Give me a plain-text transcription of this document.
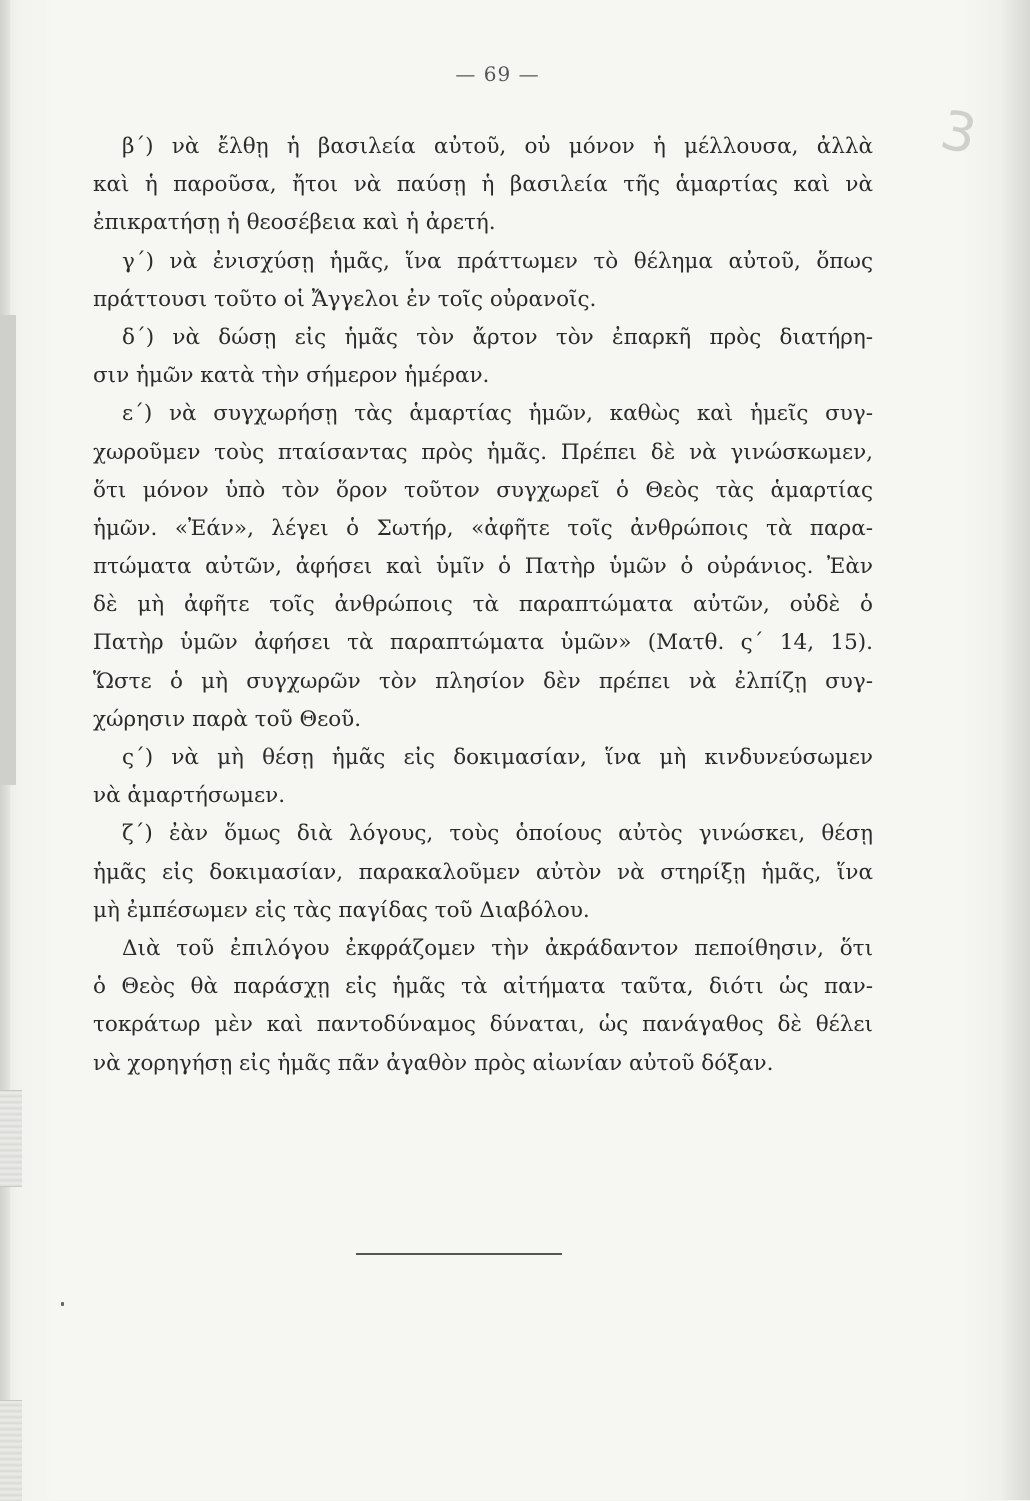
3
— 69 —
β΄) νὰ ἔλθῃ ἡ βασιλεία αὐτοῦ, οὐ μόνον ἡ μέλλουσα, ἀλλὰ
καὶ ἡ παροῦσα, ἤτοι νὰ παύσῃ ἡ βασιλεία τῆς ἁμαρτίας καὶ νὰ
ἐπικρατήσῃ ἡ θεοσέβεια καὶ ἡ ἀρετή.
γ΄) νὰ ἐνισχύσῃ ἡμᾶς, ἵνα πράττωμεν τὸ θέλημα αὐτοῦ, ὅπως
πράττουσι τοῦτο οἱ Ἄγγελοι ἐν τοῖς οὐρανοῖς.
δ΄) νὰ δώσῃ εἰς ἡμᾶς τὸν ἄρτον τὸν ἐπαρκῆ πρὸς διατήρη-
σιν ἡμῶν κατὰ τὴν σήμερον ἡμέραν.
ε΄) νὰ συγχωρήσῃ τὰς ἁμαρτίας ἡμῶν, καθὼς καὶ ἡμεῖς συγ-
χωροῦμεν τοὺς πταίσαντας πρὸς ἡμᾶς. Πρέπει δὲ νὰ γινώσκωμεν,
ὅτι μόνον ὑπὸ τὸν ὅρον τοῦτον συγχωρεῖ ὁ Θεὸς τὰς ἁμαρτίας
ἡμῶν. «Ἐάν», λέγει ὁ Σωτήρ, «ἀφῆτε τοῖς ἀνθρώποις τὰ παρα-
πτώματα αὐτῶν, ἀφήσει καὶ ὑμῖν ὁ Πατὴρ ὑμῶν ὁ οὐράνιος. Ἐὰν
δὲ μὴ ἀφῆτε τοῖς ἀνθρώποις τὰ παραπτώματα αὐτῶν, οὐδὲ ὁ
Πατὴρ ὑμῶν ἀφήσει τὰ παραπτώματα ὑμῶν» (Ματθ. ς΄ 14, 15).
Ὥστε ὁ μὴ συγχωρῶν τὸν πλησίον δὲν πρέπει νὰ ἐλπίζῃ συγ-
χώρησιν παρὰ τοῦ Θεοῦ.
ς΄) νὰ μὴ θέσῃ ἡμᾶς εἰς δοκιμασίαν, ἵνα μὴ κινδυνεύσωμεν
νὰ ἁμαρτήσωμεν.
ζ΄) ἐὰν ὅμως διὰ λόγους, τοὺς ὁποίους αὐτὸς γινώσκει, θέσῃ
ἡμᾶς εἰς δοκιμασίαν, παρακαλοῦμεν αὐτὸν νὰ στηρίξῃ ἡμᾶς, ἵνα
μὴ ἐμπέσωμεν εἰς τὰς παγίδας τοῦ Διαβόλου.
Διὰ τοῦ ἐπιλόγου ἐκφράζομεν τὴν ἀκράδαντον πεποίθησιν, ὅτι
ὁ Θεὸς θὰ παράσχῃ εἰς ἡμᾶς τὰ αἰτήματα ταῦτα, διότι ὡς παν-
τοκράτωρ μὲν καὶ παντοδύναμος δύναται, ὡς πανάγαθος δὲ θέλει
νὰ χορηγήσῃ εἰς ἡμᾶς πᾶν ἀγαθὸν πρὸς αἰωνίαν αὐτοῦ δόξαν.
